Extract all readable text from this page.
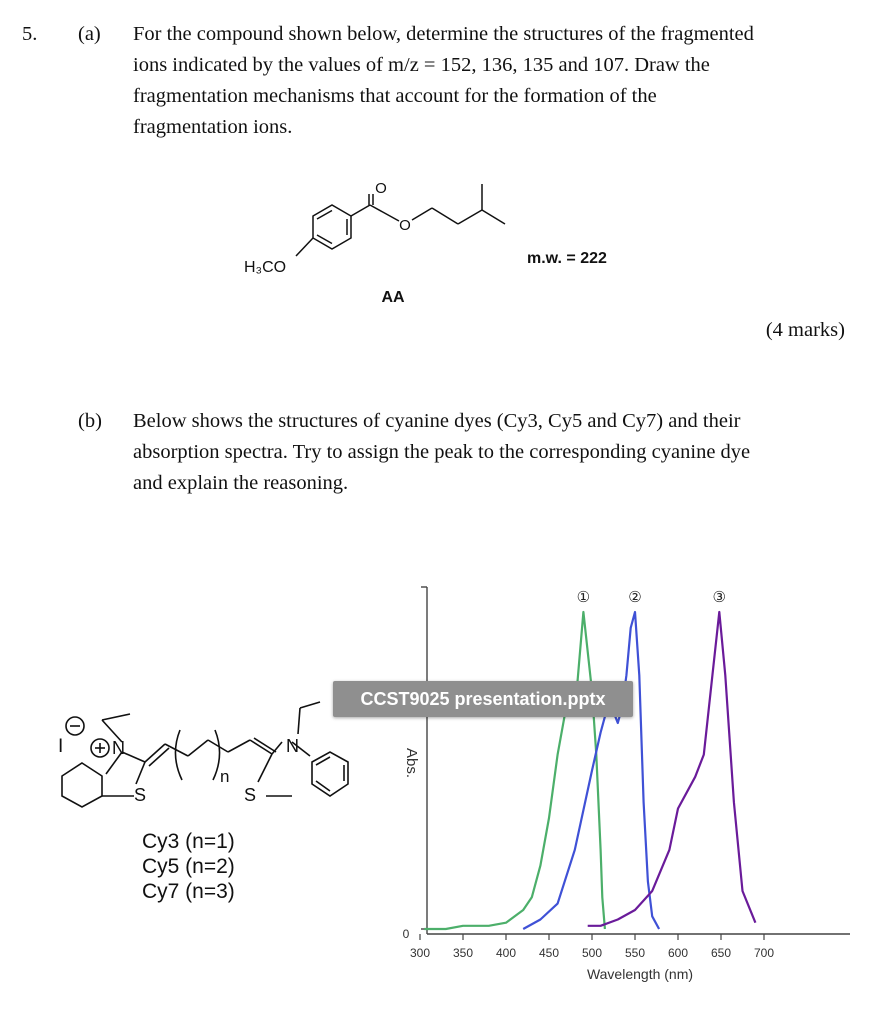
5. (a) For the compound shown below, determine the structures of the fragmented
ions indicated by the values of m/z = 152, 136, 135 and 107. Draw the
fragmentation mechanisms that account for the formation of the
fragmentation ions.
O
O
H₃CO
AA
m.w. = 222
(4 marks)
(b) Below shows the structures of cyanine dyes (Cy3, Cy5 and Cy7) and their
absorption spectra. Try to assign the peak to the corresponding cyanine dye
and explain the reasoning.
I	N
S
n
N
S
Cy3 (n=1)
Cy5 (n=2)
Cy7 (n=3)
300 350 400 450 500 550 600 650 700
①	②	③
0
Wavelength (nm)
Abs.
CCST9025 presentation.pptx
